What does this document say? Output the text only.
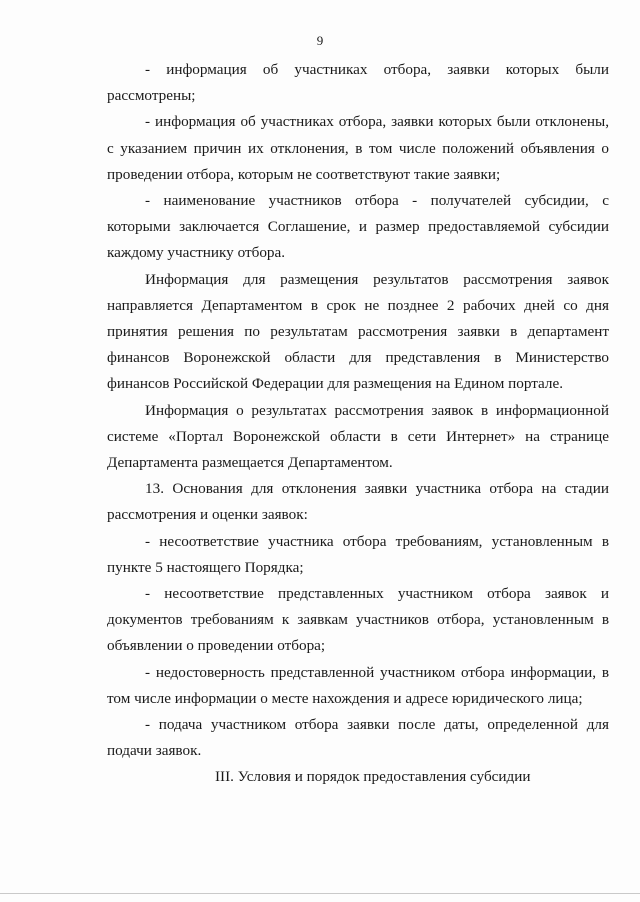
9

- информация об участниках отбора, заявки которых были рассмотрены;

- информация об участниках отбора, заявки которых были отклонены, с указанием причин их отклонения, в том числе положений объявления о проведении отбора, которым не соответствуют такие заявки;

- наименование участников отбора - получателей субсидии, с которыми заключается Соглашение, и размер предоставляемой субсидии каждому участнику отбора.

Информация для размещения результатов рассмотрения заявок направляется Департаментом в срок не позднее 2 рабочих дней со дня принятия решения по результатам рассмотрения заявки в департамент финансов Воронежской области для представления в Министерство финансов Российской Федерации для размещения на Едином портале.

Информация о результатах рассмотрения заявок в информационной системе «Портал Воронежской области в сети Интернет» на странице Департамента размещается Департаментом.

13. Основания для отклонения заявки участника отбора на стадии рассмотрения и оценки заявок:

- несоответствие участника отбора требованиям, установленным в пункте 5 настоящего Порядка;

- несоответствие представленных участником отбора заявок и документов требованиям к заявкам участников отбора, установленным в объявлении о проведении отбора;

- недостоверность представленной участником отбора информации, в том числе информации о месте нахождения и адресе юридического лица;

- подача участником отбора заявки после даты, определенной для подачи заявок.

III. Условия и порядок предоставления субсидии
